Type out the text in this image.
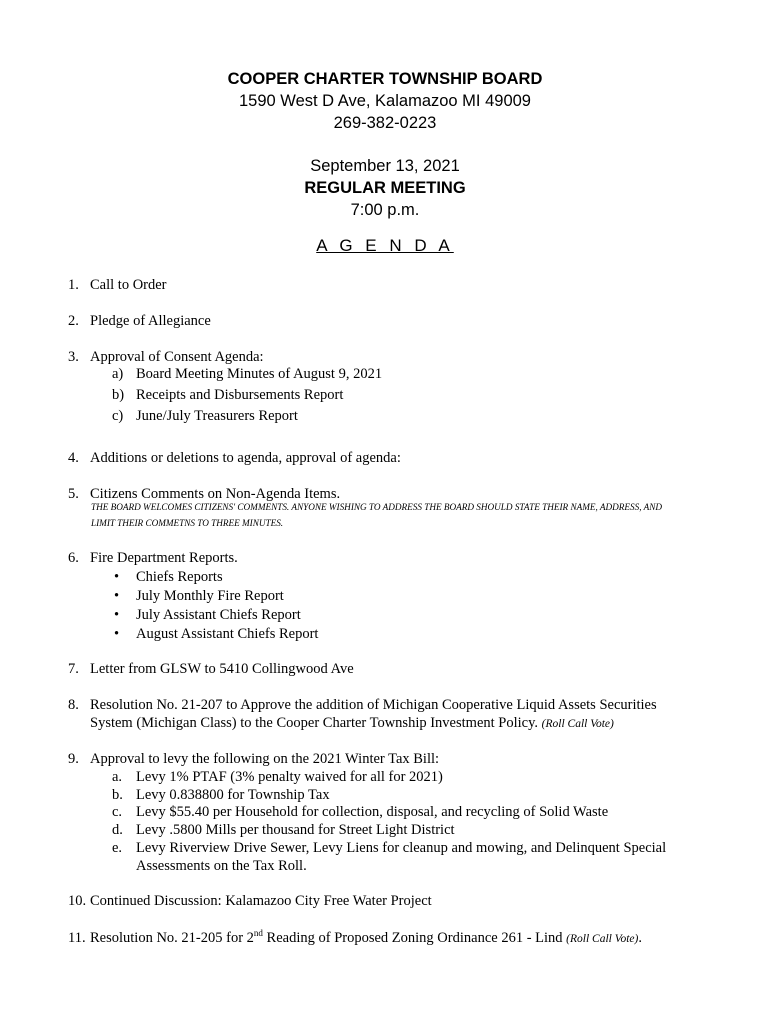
COOPER CHARTER TOWNSHIP BOARD
1590 West D Ave, Kalamazoo MI 49009
269-382-0223
September 13, 2021
REGULAR MEETING
7:00 p.m.
A G E N D A
1. Call to Order
2. Pledge of Allegiance
3. Approval of Consent Agenda:
a) Board Meeting Minutes of August 9, 2021
b) Receipts and Disbursements Report
c) June/July Treasurers Report
4. Additions or deletions to agenda, approval of agenda:
5. Citizens Comments on Non-Agenda Items.
THE BOARD WELCOMES CITIZENS' COMMENTS. ANYONE WISHING TO ADDRESS THE BOARD SHOULD STATE THEIR NAME, ADDRESS, AND
LIMIT THEIR COMMETNS TO THREE MINUTES.
6. Fire Department Reports.
• Chiefs Reports
• July Monthly Fire Report
• July Assistant Chiefs Report
• August Assistant Chiefs Report
7. Letter from GLSW to 5410 Collingwood Ave
8. Resolution No. 21-207 to Approve the addition of Michigan Cooperative Liquid Assets Securities
System (Michigan Class) to the Cooper Charter Township Investment Policy. (Roll Call Vote)
9. Approval to levy the following on the 2021 Winter Tax Bill:
a. Levy 1% PTAF (3% penalty waived for all for 2021)
b. Levy 0.838800 for Township Tax
c. Levy $55.40 per Household for collection, disposal, and recycling of Solid Waste
d. Levy .5800 Mills per thousand for Street Light District
e. Levy Riverview Drive Sewer, Levy Liens for cleanup and mowing, and Delinquent Special
Assessments on the Tax Roll.
10. Continued Discussion: Kalamazoo City Free Water Project
11. Resolution No. 21-205 for 2nd Reading of Proposed Zoning Ordinance 261 - Lind (Roll Call Vote).
